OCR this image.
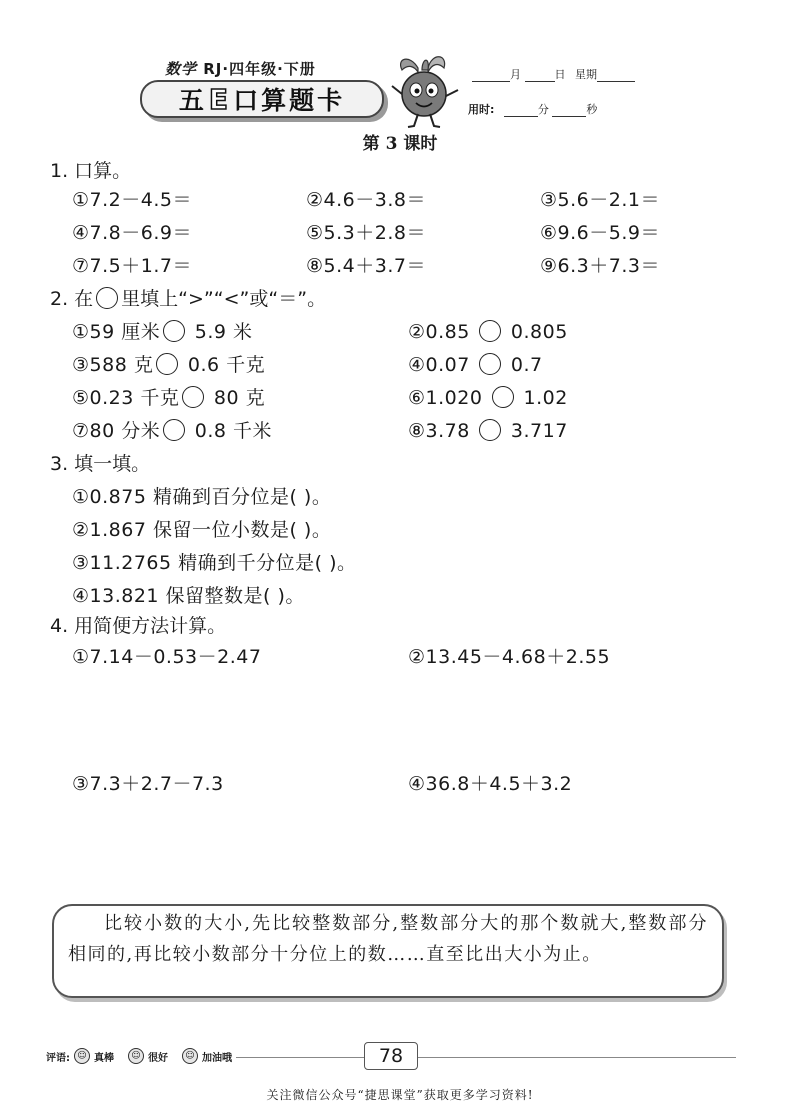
数学 RJ·四年级·下册
五 E 口算题卡
月	日 星期
用时:	分	秒
第 3 课时
1. 口算。
①7.2－4.5＝	②4.6－3.8＝	③5.6－2.1＝
④7.8－6.9＝	⑤5.3＋2.8＝	⑥9.6－5.9＝
⑦7.5＋1.7＝	⑧5.4＋3.7＝	⑨6.3＋7.3＝
2. 在 里填上“>”“<”或“＝”。
①59 厘米 5.9 米	②0.85  0.805
③588 克 0.6 千克	④0.07  0.7
⑤0.23 千克 80 克	⑥1.020  1.02
⑦80 分米 0.8 千米	⑧3.78  3.717
3. 填一填。
①0.875 精确到百分位是( )。
②1.867 保留一位小数是( )。
③11.2765 精确到千分位是( )。
④13.821 保留整数是( )。
4. 用简便方法计算。
①7.14－0.53－2.47	②13.45－4.68＋2.55
③7.3＋2.7－7.3	④36.8＋4.5＋3.2

比较小数的大小,先比较整数部分,整数部分大的那个数就大,整数部分相同的,再比较小数部分十分位上的数……直至比出大小为止。

评语: ☺ 真棒	☺ 很好	☺ 加油哦	78
关注微信公众号“捷思课堂”获取更多学习资料!
